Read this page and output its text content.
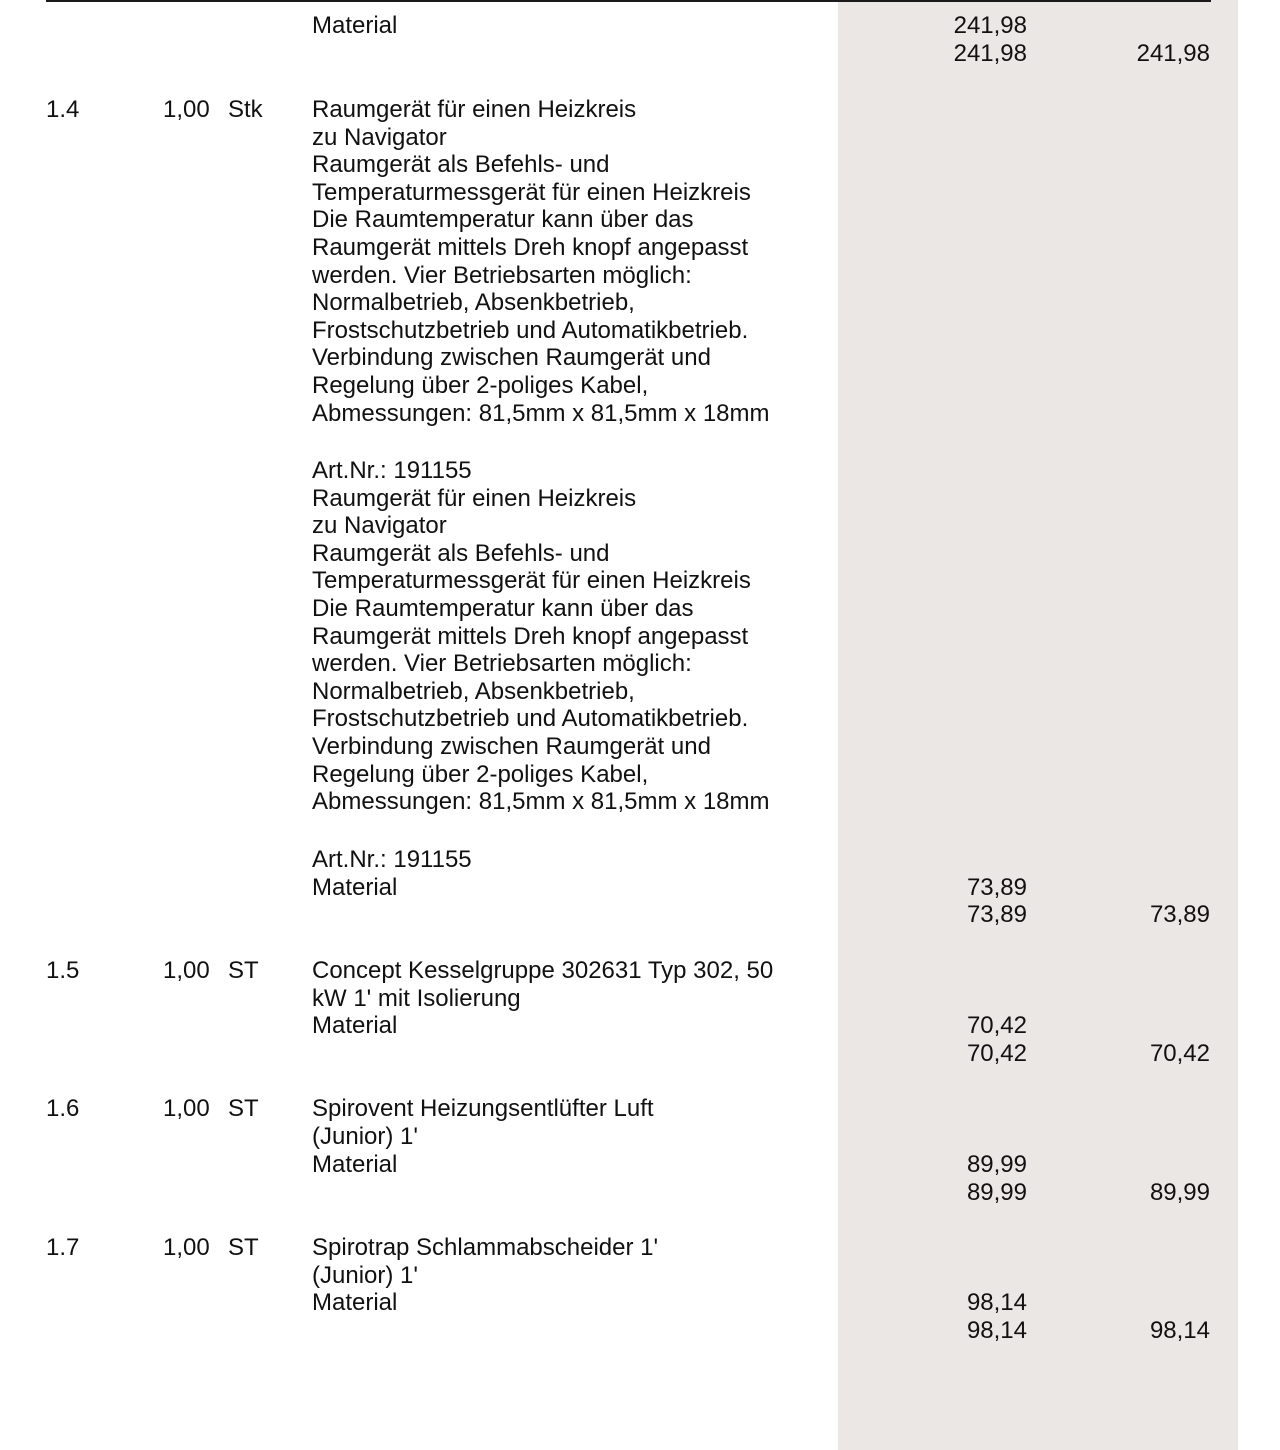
Material	241,98
241,98	241,98
1.4	1,00 Stk Raumgerät für einen Heizkreis
zu Navigator
Raumgerät als Befehls- und
Temperaturmessgerät für einen Heizkreis
Die Raumtemperatur kann über das
Raumgerät mittels Dreh knopf angepasst
werden. Vier Betriebsarten möglich:
Normalbetrieb, Absenkbetrieb,
Frostschutzbetrieb und Automatikbetrieb.
Verbindung zwischen Raumgerät und
Regelung über 2-poliges Kabel,
Abmessungen: 81,5mm x 81,5mm x 18mm
Art.Nr.: 191155
Raumgerät für einen Heizkreis
zu Navigator
Raumgerät als Befehls- und
Temperaturmessgerät für einen Heizkreis
Die Raumtemperatur kann über das
Raumgerät mittels Dreh knopf angepasst
werden. Vier Betriebsarten möglich:
Normalbetrieb, Absenkbetrieb,
Frostschutzbetrieb und Automatikbetrieb.
Verbindung zwischen Raumgerät und
Regelung über 2-poliges Kabel,
Abmessungen: 81,5mm x 81,5mm x 18mm
Art.Nr.: 191155
Material	73,89
73,89	73,89
1.5	1,00 ST Concept Kesselgruppe 302631 Typ 302, 50
kW 1' mit Isolierung
Material	70,42
70,42	70,42
1.6	1,00 ST Spirovent Heizungsentlüfter Luft
(Junior) 1'
Material	89,99
89,99	89,99
1.7	1,00 ST Spirotrap Schlammabscheider 1'
(Junior) 1'
Material	98,14
98,14	98,14
